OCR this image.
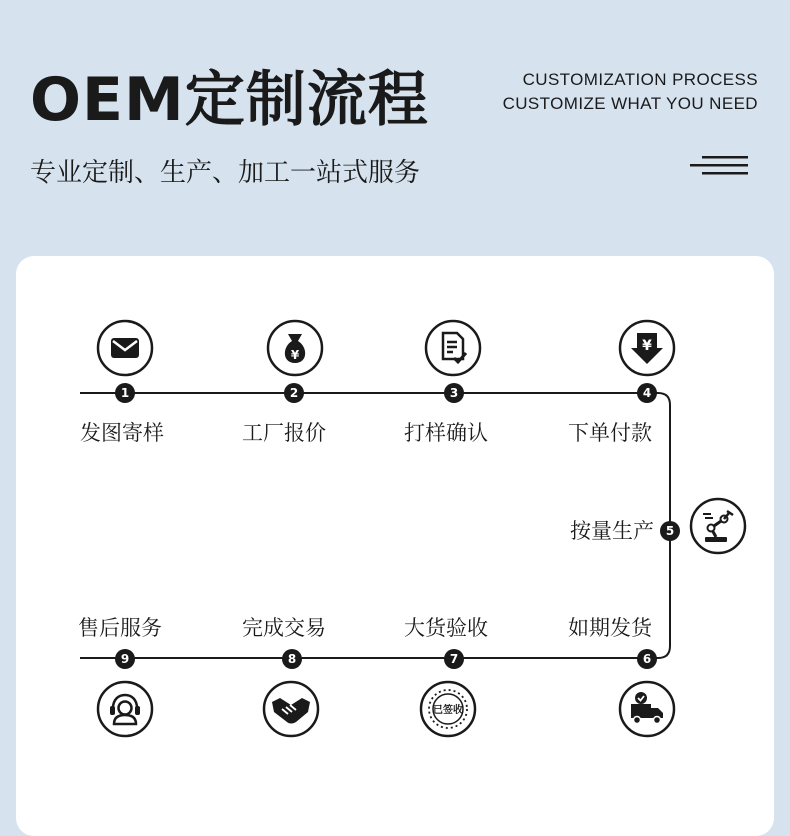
OEM定制流程
专业定制、生产、加工一站式服务
CUSTOMIZATION PROCESS
CUSTOMIZE WHAT YOU NEED
1
发图寄样
¥
2
工厂报价
3
打样确认
¥
4
下单付款
按量生产 5
如期发货
6
大货验收
7
已签收
完成交易
8
售后服务
9
